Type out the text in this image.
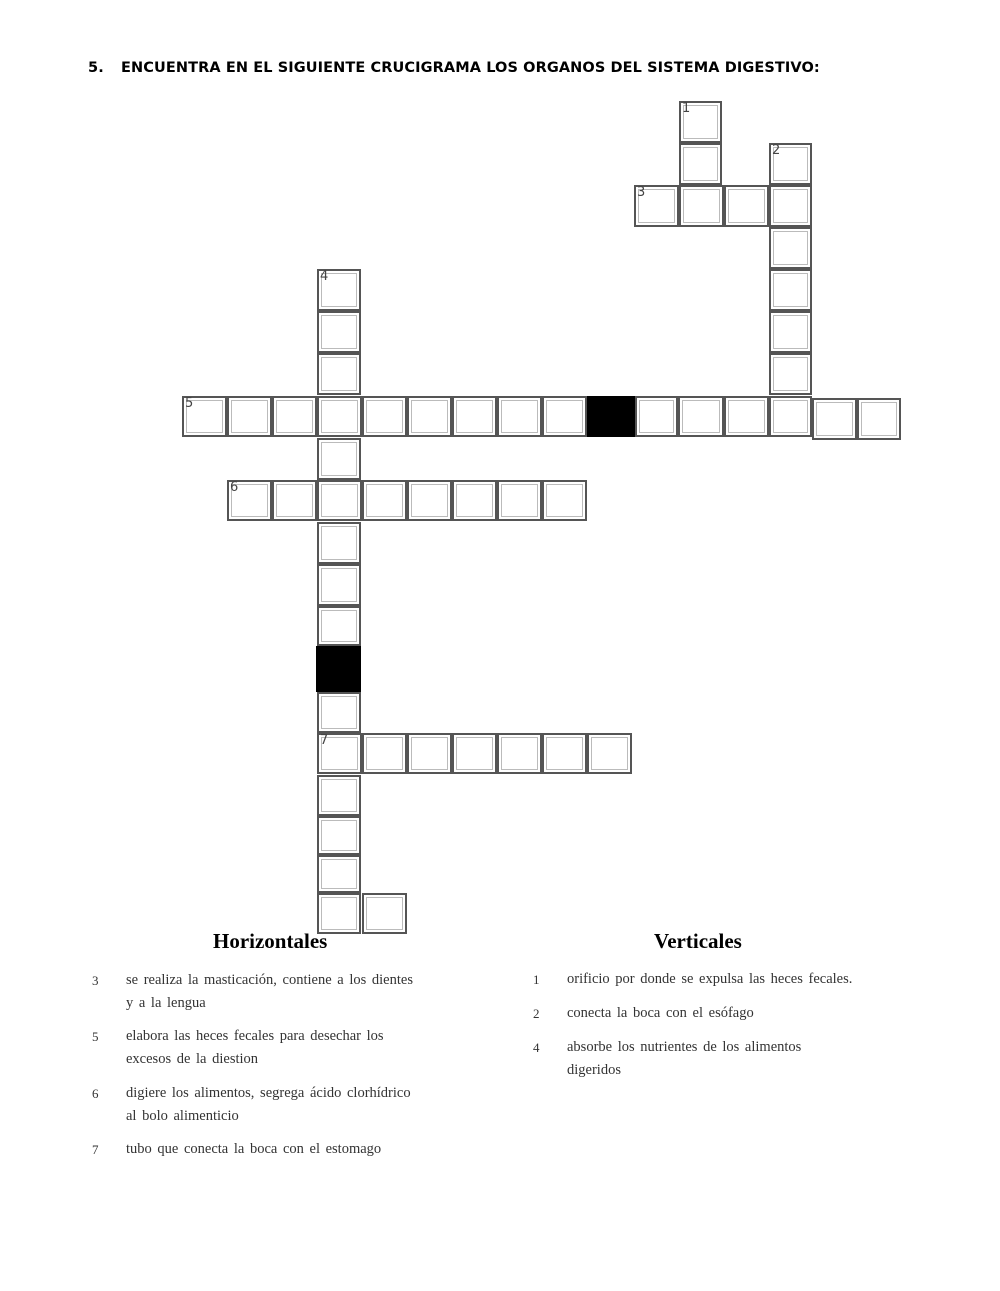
5. ENCUENTRA EN EL SIGUIENTE CRUCIGRAMA LOS ORGANOS DEL SISTEMA DIGESTIVO:
1
2
3
4
5
6
7
Horizontales	Verticales
3 se realiza la masticación, contiene a los dientes
y a la lengua
5 elabora las heces fecales para desechar los
excesos de la diestion
6 digiere los alimentos, segrega ácido clorhídrico
al bolo alimenticio
7 tubo que conecta la boca con el estomago
1 orificio por donde se expulsa las heces fecales.
2 conecta la boca con el esófago
4 absorbe los nutrientes de los alimentos
digeridos
